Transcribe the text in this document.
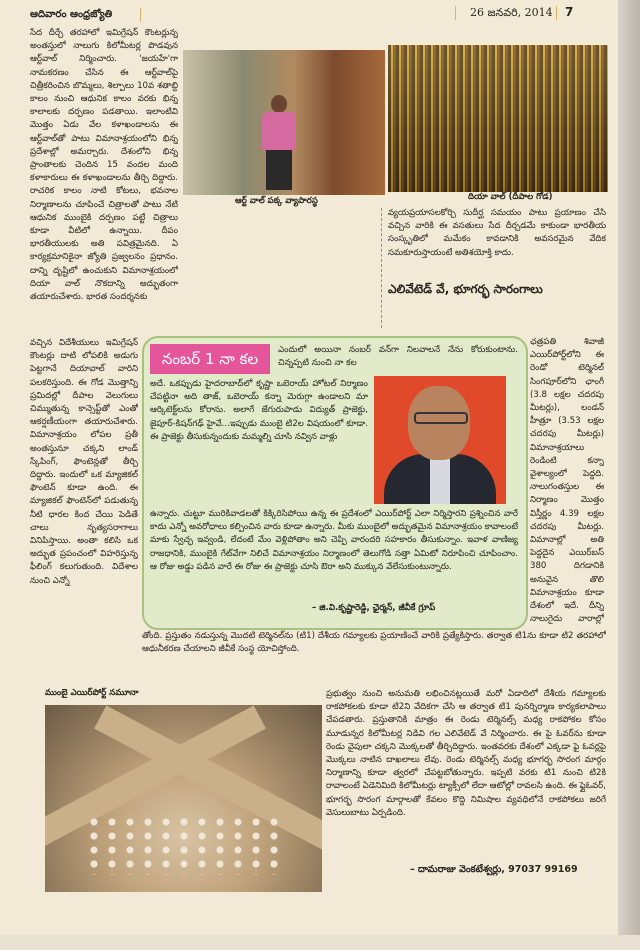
ఆదివారం ఆంధ్రజ్యోతి	26 జనవరి, 2014 7
సేద దీర్చే తరహాలో ఇమిగ్రేషన్ కౌంటర్లున్న అంతస్తులో నాలుగు కిలోమీటర్ల పొడవున ఆర్ట్‌వాల్ నిర్మించారు. 'జయహే'గా నామకరణం చేసిన ఈ ఆర్ట్‌వాల్‌పై చిత్రీకరించిన బొమ్మలు, శిల్పాలు 10వ శతాబ్ది కాలం నుంచి ఆధునిక కాలం వరకు భిన్న కాలాలకు దర్పణం పడతాయి. ఇలాంటివి మొత్తం ఏడు వేల కళాఖండాలను ఈ ఆర్ట్‌వాల్‌తో పాటు విమానాశ్రయంలోని భిన్న ప్రదేశాల్లో అమర్చారు. దేశంలోని భిన్న ప్రాంతాలకు చెందిన 15 వందల మంది కళాకారులు ఈ కళాఖండాలను తీర్చి దిద్దారు. రాచరిక కాలం నాటి కోటలు, భవనాల నిర్మాణాలను చూపించే చిత్రాలతో పాటు నేటి ఆధునిక ముంబైకి దర్పణం పట్టే చిత్రాలు కూడా వీటిలో ఉన్నాయి. దీపం భారతీయులకు అతి పవిత్రమైనది. ఏ కార్యక్రమానికైనా జ్యోతి ప్రజ్వలనం ప్రధానం. దాన్ని దృష్టిలో ఉంచుకుని విమానాశ్రయంలో దియా వాల్ నొకదాన్ని అద్భుతంగా తయారుచేశారు. భారత సందర్శనకు
ఆర్ట్ వాల్ పక్క వ్యాపారస్థ	దియా వాల్ (దీపాల గోడ)
వ్యయప్రయాసలకోర్చి సుదీర్ఘ సమయం పాటు ప్రయాణం చేసి వచ్చిన వారికి ఈ వసతులు సేద దీర్చడమే కాకుండా భారతీయ సంస్కృతిలో మమేకం కావడానికి అవసరమైన వేదిక సమకూరుస్తాయంటే అతిశయోక్తి కాదు.
ఎలివేటెడ్ వే, భూగర్భ సారంగాలు
ఛత్రపతి శివాజీ ఎయిర్‌పోర్ట్‌లోని ఈ రెండో టెర్మినల్ సింగపూర్‌లోని ఛాంగీ (3.8 లక్షల చదరపు మీటర్లు), లండన్ హీత్రూ (3.53 లక్షల చదరపు మీటర్లు) విమానాశ్రయాలు రెండింటి కన్నా వైశాల్యంలో పెద్దది. నాలుగంతస్తుల ఈ నిర్మాణం మొత్తం విస్తీర్ణం 4.39 లక్షల చదరపు మీటర్లు. విమానాల్లో అతి పెద్దదైన ఎయిర్‌బస్ 380 దిగడానికి అనువైన తొలి విమానాశ్రయం కూడా దేశంలో ఇదే. దీన్ని నాలుగైదు వారాల్లో
వచ్చిన విదేశీయులు ఇమిగ్రేషన్ కౌంటర్లు దాటి లోపలికి అడుగు పెట్టగానే దియావాల్ వారిని పలకరిస్తుంది. ఈ గోడ మొత్తాన్ని ప్రమిదల్లో దీపాల వెలుగులు చిమ్ముతున్న కాన్సెప్ట్‌తో ఎంతో ఆకర్షణీయంగా తయారుచేశారు. విమానాశ్రయం లోపల ప్రతీ అంతస్తునూ చక్కని లాండ్ స్కేపింగ్, ఫౌంటెన్లతో తీర్చి దిద్దారు. ఇందులో ఒక మ్యాజికల్ ఫౌంటెన్ కూడా ఉంది. ఈ మ్యాజికల్ ఫౌంటెన్‌లో పడుతున్న నీటి ధారల కింద చేయి పెడితే చాలు నృత్యసరాగాలు వినిపిస్తాయి. అంతా కలిసి ఒక అద్భుత ప్రపంచంలో విహరిస్తున్న ఫీలింగ్ కలుగుతుంది. విదేశాల నుంచి ఎన్నో
నంబర్ 1 నా కల	ఎందులో అయినా నంబర్ వన్‌గా నిలవాలనే నేను కోరుకుంటాను. చిన్నప్పటి నుంచి నా కల
అదే. ఒకప్పుడు హైదరాబాద్‌లో కృష్ణా ఒబెరాయ్ హోటల్ నిర్మాణం చేపట్టినా అది తాజ్, ఒబెరాయ్ కన్నా మెరుగ్గా ఉండాలని మా ఆర్కిటెక్ట్‌లను కోరాను. అలాగే జేగురుపాడు విద్యుత్ ప్రాజెక్టు, జైపూర్-కిషన్‌గఢ్ హైవే...ఇప్పుడు ముంబై టి2ల విషయంలో కూడా. ఈ ప్రాజెక్టు తీసుకున్నందుకు మమ్మల్ని చూసి నవ్విన వాళ్లు
ఉన్నారు. చుట్టూ మురికివాడలతో కిక్కిరిసిపోయి ఉన్న ఈ ప్రదేశంలో ఎయిర్‌పోర్ట్ ఎలా నిర్మిస్తారని ప్రశ్నించిన వారే కాదు ఎన్నో అవరోధాలు కల్పించిన వారు కూడా ఉన్నారు. మీకు ముంబైలో అద్భుతమైన విమానాశ్రయం కావాలంటే మాకు స్వేచ్ఛ ఇవ్వండి, లేదంటే మేం వెళ్లిపోతాం అని చెప్పి వారందరి సహకారం తీసుకున్నాం. ఇవాళ వాణిజ్య రాజధానికి, ముంబైకి గేట్‌వేగా నిలిచే విమానాశ్రయం నిర్మాణంలో తెలుగోడి సత్తా ఏమిటో నిరూపించి చూపించాం. ఆ రోజు అడ్డు పడిన వారే ఈ రోజు ఈ ప్రాజెక్టు చూసి ఔరా అని ముక్కున వేలేసుకుంటున్నారు.
– జి.వి.కృష్ణారెడ్డి, ఛైర్మన్, జీవీకే గ్రూప్
తోంది. ప్రస్తుతం నడుస్తున్న మొదటి టెర్మినల్‌ను (టి1) దేశీయ గమ్యాలకు ప్రయాణించే వారికి ప్రత్యేకిస్తారు. తర్వాత టి1ను కూడా టి2 తరహాలో ఆధునీకరణ చేయాలని జీవీకే సంస్థ యోచిస్తోంది.
ముంబై ఎయిర్‌పోర్ట్ నమూనా	ప్రభుత్వం నుంచి అనుమతి లభించినట్లయితే మరో ఏడాదిలో దేశీయ గమ్యాలకు రాకపోకలకు కూడా టి2ని వేదికగా చేసి ఆ తర్వాత టి1 పునర్నిర్మాణ కార్యకలాపాలు చేపడతారు. ప్రస్తుతానికి మాత్రం ఈ రెండు టెర్మినల్స్ మధ్య రాకపోకల కోసం మూడున్నర కిలోమీటర్ల నిడివి గల ఎలివేటెడ్ వే నిర్మించారు. ఈ పై ఓవర్‌ను కూడా రెండు వైపులా చక్కని మొక్కలతో తీర్చిదిద్దారు. ఇంతవరకు దేశంలో ఎక్కడా ఫై ఓవర్లపై మొక్కలు నాటిన దాఖలాలు లేవు. రెండు టెర్మినల్స్ మధ్య భూగర్భ సొరంగ మార్గం నిర్మాణాన్ని కూడా త్వరలో చేపట్టబోతున్నారు. ఇప్పటి వరకు టి1 నుంచి టి2కి రావాలంటే ఏడెనిమిది కిలోమీటర్లు ట్యాక్సీలో లేదా ఆటోల్లో రావలసి ఉంది. ఈ ఫ్లైఓవర్, భూగర్భ సొరంగ మార్గాలతో కేవలం కొద్ది నిమిషాల వ్యవధిలోనే రాకపోకలు జరిగే వెసులుబాటు ఏర్పడింది.
– దామరాజు వెంకటేశ్వర్లు, 97037 99169
